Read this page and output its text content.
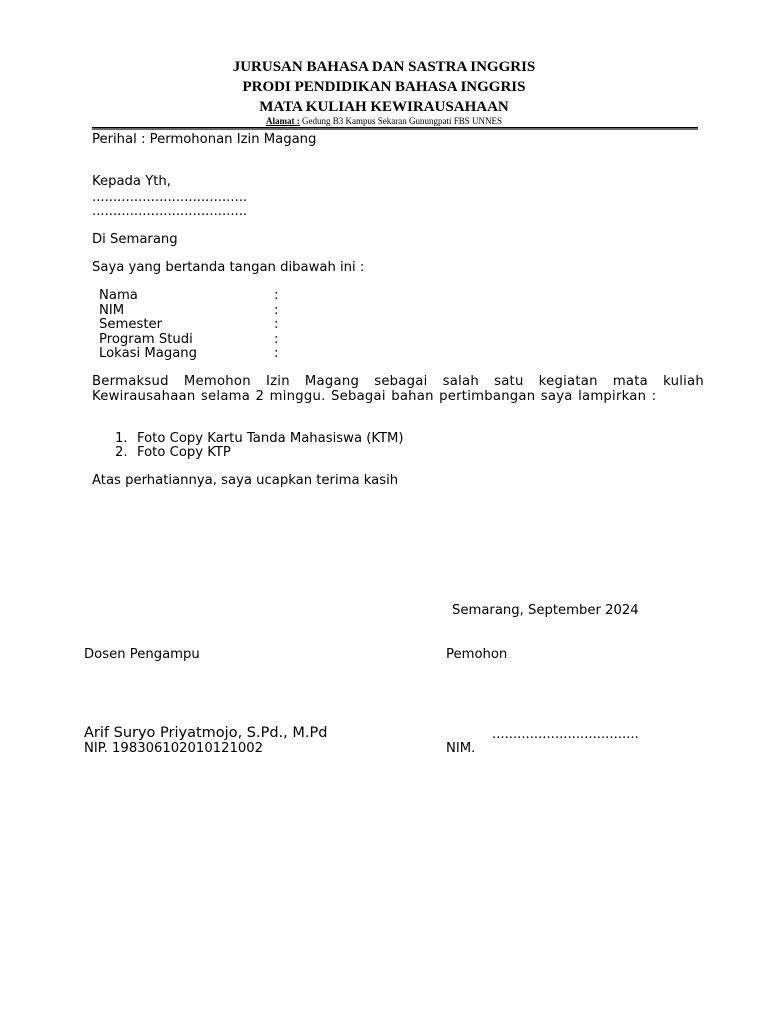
JURUSAN BAHASA DAN SASTRA INGGRIS
PRODI PENDIDIKAN BAHASA INGGRIS
MATA KULIAH KEWIRAUSAHAAN
Alamat : Gedung B3 Kampus Sekaran Gunungpati FBS UNNES
Perihal : Permohonan Izin Magang
Kepada Yth,
.....................................
.....................................
Di Semarang
Saya yang bertanda tangan dibawah ini :
Nama	:
NIM	:
Semester	:
Program Studi	:
Lokasi Magang	:
Bermaksud Memohon Izin Magang sebagai salah satu kegiatan mata kuliah Kewirausahaan selama 2 minggu. Sebagai bahan pertimbangan saya lampirkan :
1. Foto Copy Kartu Tanda Mahasiswa (KTM)
2. Foto Copy KTP
Atas perhatiannya, saya ucapkan terima kasih
Semarang, September 2024
Dosen Pengampu	Pemohon
Arif Suryo Priyatmojo, S.Pd., M.Pd	...................................
NIP. 198306102010121002	NIM.
